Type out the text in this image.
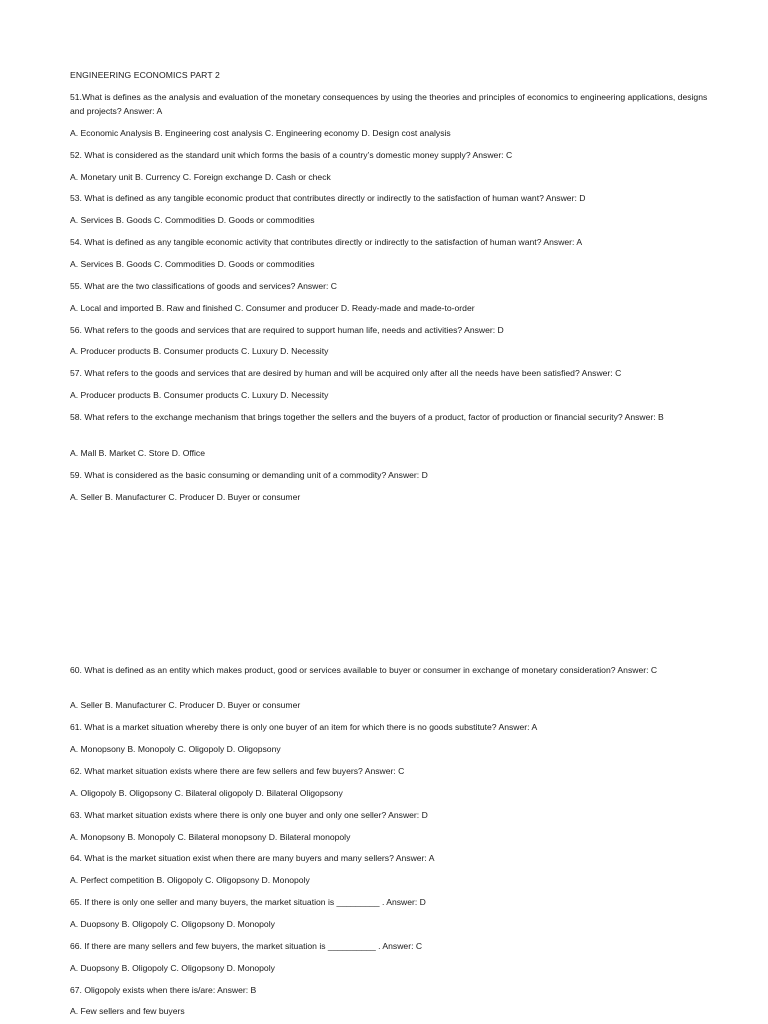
ENGINEERING ECONOMICS PART 2
51.What is defines as the analysis and evaluation of the monetary consequences by using the theories and principles of economics to engineering applications, designs and projects? Answer: A
A. Economic Analysis B. Engineering cost analysis C. Engineering economy D. Design cost analysis
52. What is considered as the standard unit which forms the basis of a country’s domestic money supply? Answer: C
A. Monetary unit B. Currency C. Foreign exchange D. Cash or check
53. What is defined as any tangible economic product that contributes directly or indirectly to the satisfaction of human want? Answer: D
A. Services B. Goods C. Commodities D. Goods or commodities
54. What is defined as any tangible economic activity that contributes directly or indirectly to the satisfaction of human want? Answer: A
A. Services B. Goods C. Commodities D. Goods or commodities
55. What are the two classifications of goods and services? Answer: C
A. Local and imported B. Raw and finished C. Consumer and producer D. Ready-made and made-to-order
56. What refers to the goods and services that are required to support human life, needs and activities? Answer: D
A. Producer products B. Consumer products C. Luxury D. Necessity
57. What refers to the goods and services that are desired by human and will be acquired only after all the needs have been satisfied? Answer: C
A. Producer products B. Consumer products C. Luxury D. Necessity
58. What refers to the exchange mechanism that brings together the sellers and the buyers of a product, factor of production or financial security? Answer: B
A. Mall B. Market C. Store D. Office
59. What is considered as the basic consuming or demanding unit of a commodity? Answer: D
A. Seller B. Manufacturer C. Producer D. Buyer or consumer
60. What is defined as an entity which makes product, good or services available to buyer or consumer in exchange of monetary consideration? Answer: C
A. Seller B. Manufacturer C. Producer D. Buyer or consumer
61. What is a market situation whereby there is only one buyer of an item for which there is no goods substitute? Answer: A
A. Monopsony B. Monopoly C. Oligopoly D. Oligopsony
62. What market situation exists where there are few sellers and few buyers? Answer: C
A. Oligopoly B. Oligopsony C. Bilateral oligopoly D. Bilateral Oligopsony
63. What market situation exists where there is only one buyer and only one seller? Answer: D
A. Monopsony B. Monopoly C. Bilateral monopsony D. Bilateral monopoly
64. What is the market situation exist when there are many buyers and many sellers? Answer: A
A. Perfect competition B. Oligopoly C. Oligopsony D. Monopoly
65. If there is only one seller and many buyers, the market situation is _________ . Answer: D
A. Duopsony B. Oligopoly C. Oligopsony D. Monopoly
66. If there are many sellers and few buyers, the market situation is __________ . Answer: C
A. Duopsony B. Oligopoly C. Oligopsony D. Monopoly
67. Oligopoly exists when there is/are: Answer: B
A. Few sellers and few buyers
